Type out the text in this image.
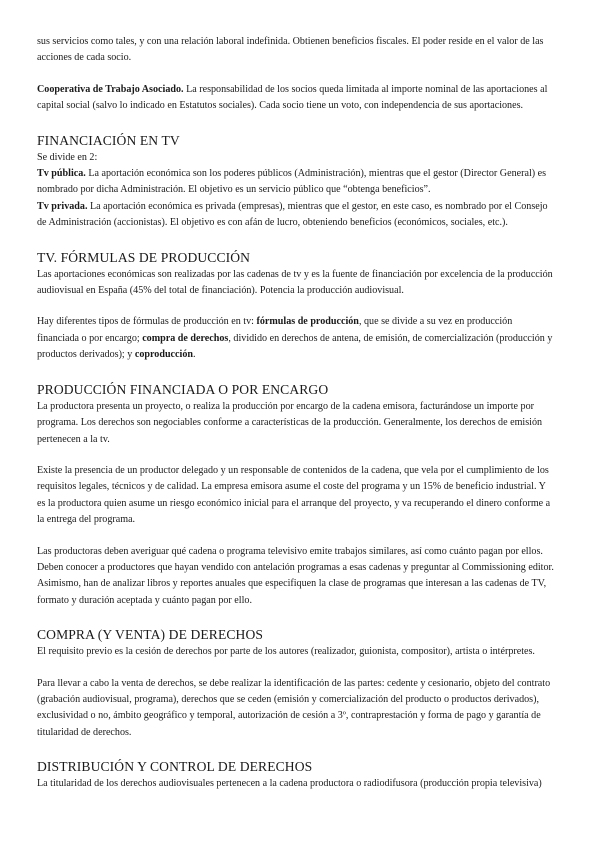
sus servicios como tales, y con una relación laboral indefinida. Obtienen beneficios fiscales. El poder reside en el valor de las acciones de cada socio.

Cooperativa de Trabajo Asociado. La responsabilidad de los socios queda limitada al importe nominal de las aportaciones al capital social (salvo lo indicado en Estatutos sociales). Cada socio tiene un voto, con independencia de sus aportaciones.

FINANCIACIÓN EN TV

Se divide en 2:

Tv pública. La aportación económica son los poderes públicos (Administración), mientras que el gestor (Director General) es nombrado por dicha Administración. El objetivo es un servicio público que “obtenga beneficios”.

Tv privada. La aportación económica es privada (empresas), mientras que el gestor, en este caso, es nombrado por el Consejo de Administración (accionistas). El objetivo es con afán de lucro, obteniendo beneficios (económicos, sociales, etc.).

TV. FÓRMULAS DE PRODUCCIÓN

Las aportaciones económicas son realizadas por las cadenas de tv y es la fuente de financiación por excelencia de la producción audiovisual en España (45% del total de financiación). Potencia la producción audiovisual.

Hay diferentes tipos de fórmulas de producción en tv: fórmulas de producción, que se divide a su vez en producción financiada o por encargo; compra de derechos, dividido en derechos de antena, de emisión, de comercialización (producción y productos derivados); y coproducción.

PRODUCCIÓN FINANCIADA O POR ENCARGO

La productora presenta un proyecto, o realiza la producción por encargo de la cadena emisora, facturándose un importe por programa. Los derechos son negociables conforme a características de la producción. Generalmente, los derechos de emisión pertenecen a la tv.

Existe la presencia de un productor delegado y un responsable de contenidos de la cadena, que vela por el cumplimiento de los requisitos legales, técnicos y de calidad. La empresa emisora asume el coste del programa y un 15% de beneficio industrial. Y es la productora quien asume un riesgo económico inicial para el arranque del proyecto, y va recuperando el dinero conforme a la entrega del programa.

Las productoras deben averiguar qué cadena o programa televisivo emite trabajos similares, así como cuánto pagan por ellos. Deben conocer a productores que hayan vendido con antelación programas a esas cadenas y preguntar al Commissioning editor. Asimismo, han de analizar libros y reportes anuales que especifiquen la clase de programas que interesan a las cadenas de TV, formato y duración aceptada y cuánto pagan por ello.

COMPRA (Y VENTA) DE DERECHOS

El requisito previo es la cesión de derechos por parte de los autores (realizador, guionista, compositor), artista o intérpretes.

Para llevar a cabo la venta de derechos, se debe realizar la identificación de las partes: cedente y cesionario, objeto del contrato (grabación audiovisual, programa), derechos que se ceden (emisión y comercialización del producto o productos derivados), exclusividad o no, ámbito geográfico y temporal, autorización de cesión a 3º, contraprestación y forma de pago y garantía de titularidad de derechos.

DISTRIBUCIÓN Y CONTROL DE DERECHOS

La titularidad de los derechos audiovisuales pertenecen a la cadena productora o radiodifusora (producción propia televisiva)
